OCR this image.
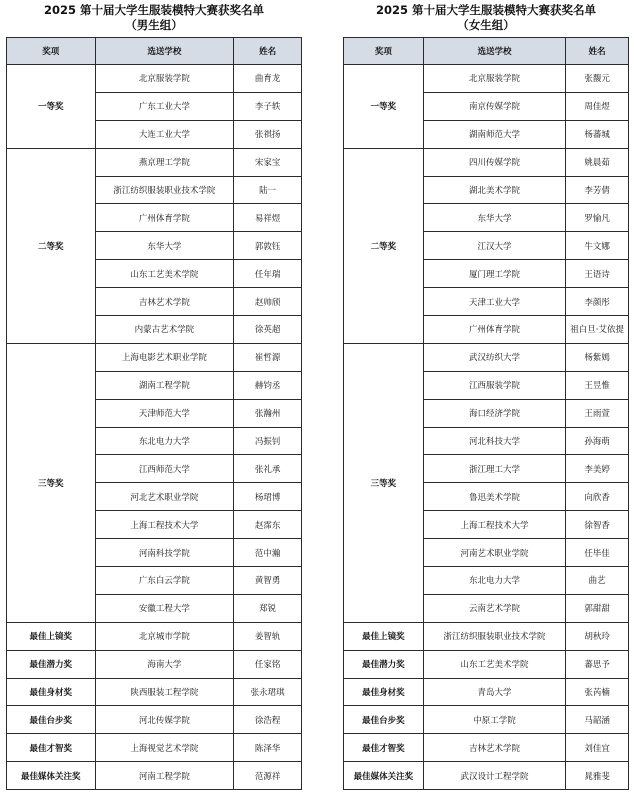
2025 第十届大学生服装模特大赛获奖名单
（男生组）
奖项	选送学校	姓名
一等奖	北京服装学院	曲育龙
	广东工业大学	李子轶
	大连工业大学	张祺扬
二等奖	燕京理工学院	宋家宝
	浙江纺织服装职业技术学院	陆一
	广州体育学院	易祥煜
	东华大学	郭敦钰
	山东工艺美术学院	任年瑞
	吉林艺术学院	赵帅颀
	内蒙古艺术学院	徐英超
三等奖	上海电影艺术职业学院	崔哲源
	湖南工程学院	赫钧丞
	天津师范大学	张瀚州
	东北电力大学	冯振钊
	江西师范大学	张礼承
	河北艺术职业学院	杨珺博
	上海工程技术大学	赵霈东
	河南科技学院	范中瀚
	广东白云学院	黄智勇
	安徽工程大学	郑锐
最佳上镜奖	北京城市学院	姜智轨
最佳潜力奖	海南大学	任家铭
最佳身材奖	陕西服装工程学院	张永珺琪
最佳台步奖	河北传媒学院	徐浩程
最佳才智奖	上海视觉艺术学院	陈泽华
最佳媒体关注奖	河南工程学院	范源祥
2025 第十届大学生服装模特大赛获奖名单
（女生组）
奖项	选送学校	姓名
一等奖	北京服装学院	张馥元
	南京传媒学院	周佳煜
	湖南师范大学	杨蕃城
二等奖	四川传媒学院	姚晨茹
	湖北美术学院	李芳倩
	东华大学	罗愉凡
	江汉大学	牛文娜
	厦门理工学院	王语诗
	天津工业大学	李颜彤
	广州体育学院	祖白旦·艾依提
三等奖	武汉纺织大学	杨紫嫣
	江西服装学院	王昱惟
	海口经济学院	王雨萱
	河北科技大学	孙海萌
	浙江理工大学	李美婷
	鲁迅美术学院	向欣香
	上海工程技术大学	徐智香
	河南艺术职业学院	任毕佳
	东北电力大学	曲艺
	云南艺术学院	郭甜甜
最佳上镜奖	浙江纺织服装职业技术学院	胡秋玲
最佳潜力奖	山东工艺美术学院	蕃思予
最佳身材奖	青岛大学	张芮楠
最佳台步奖	中原工学院	马韶涵
最佳才智奖	吉林艺术学院	刘佳宜
最佳媒体关注奖	武汉设计工程学院	晁雅斐
